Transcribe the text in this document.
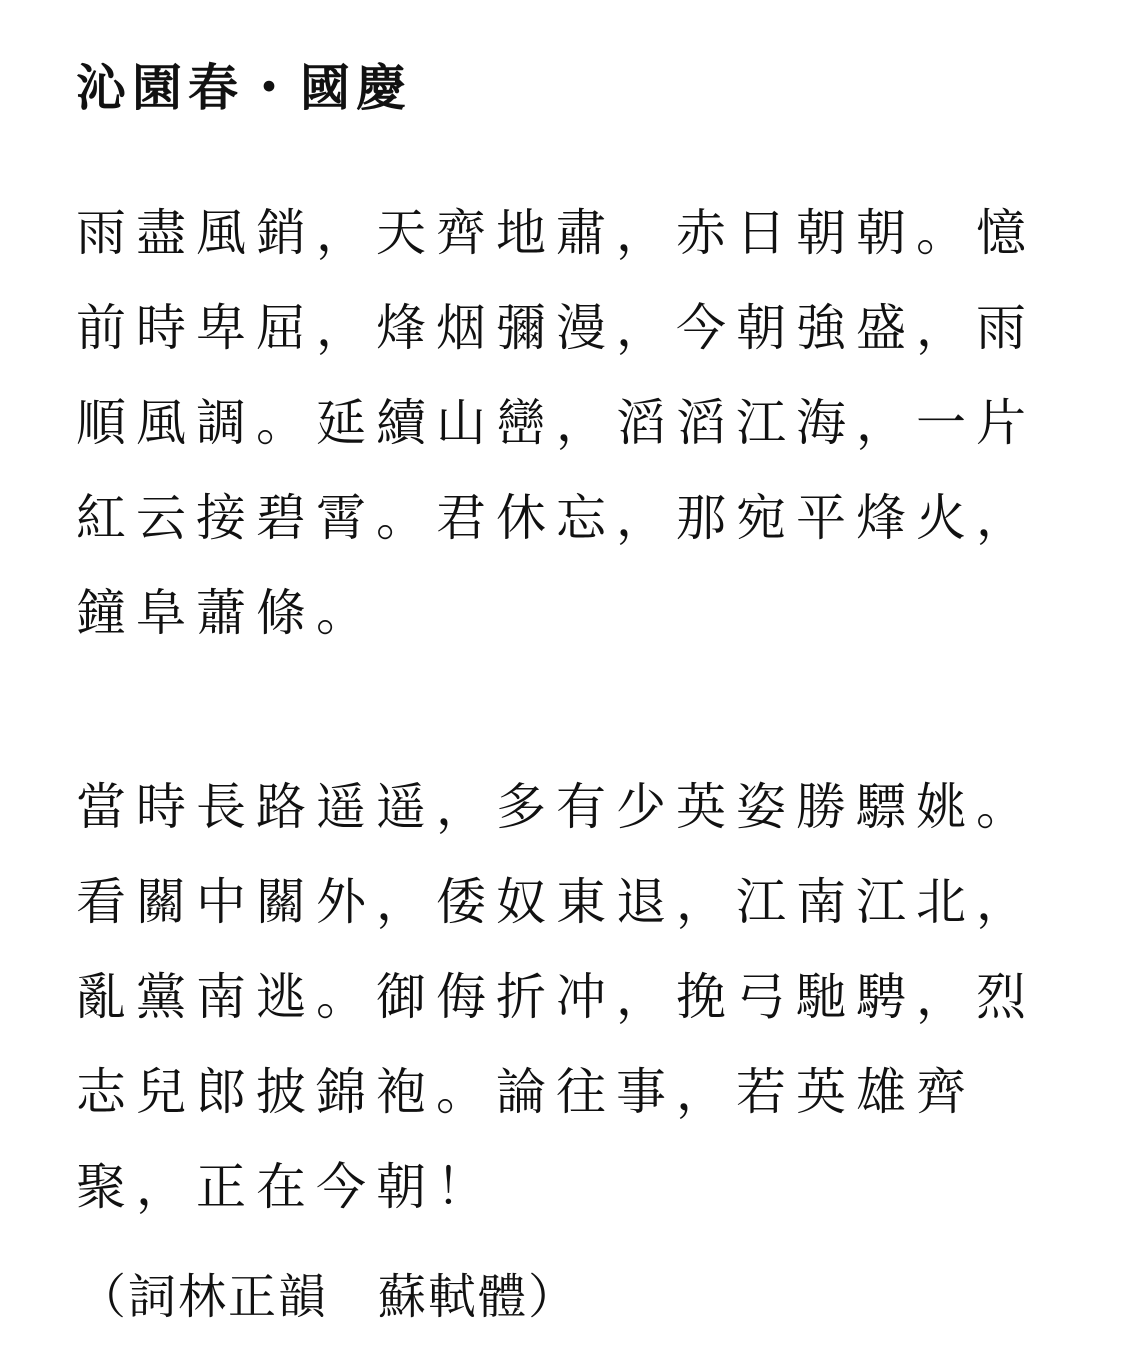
沁園春・國慶
雨盡風銷，天齊地肅，赤日朝朝。憶
前時卑屈，烽烟彌漫，今朝強盛，雨
順風調。延續山巒，滔滔江海，一片
紅云接碧霄。君休忘，那宛平烽火，
鐘阜蕭條。
當時長路遥遥，多有少英姿勝驃姚。
看關中關外，倭奴東退，江南江北，
亂黨南逃。御侮折冲，挽弓馳騁，烈
志兒郎披錦袍。論往事，若英雄齊
聚，正在今朝！
（詞林正韻　蘇軾體）
